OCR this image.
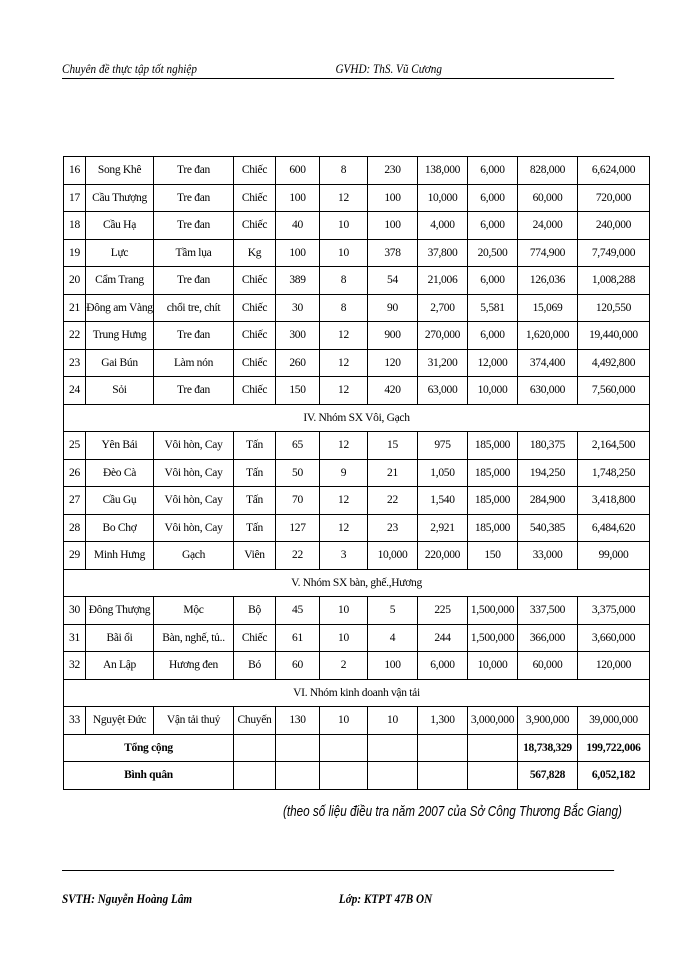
Chuyên đề thực tập tốt nghiệp	GVHD: ThS. Vũ Cương
16	Song Khê	Tre đan	Chiếc	600	8	230	138,000	6,000	828,000	6,624,000
17	Cầu Thượng	Tre đan	Chiếc	100	12	100	10,000	6,000	60,000	720,000
18	Cầu Hạ	Tre đan	Chiếc	40	10	100	4,000	6,000	24,000	240,000
19	Lực	Tầm lụa	Kg	100	10	378	37,800	20,500	774,900	7,749,000
20	Cẩm Trang	Tre đan	Chiếc	389	8	54	21,006	6,000	126,036	1,008,288
21	Đông am Vàng	chổi tre, chít	Chiếc	30	8	90	2,700	5,581	15,069	120,550
22	Trung Hưng	Tre đan	Chiếc	300	12	900	270,000	6,000	1,620,000	19,440,000
23	Gai Bún	Làm nón	Chiếc	260	12	120	31,200	12,000	374,400	4,492,800
24	Sỏi	Tre đan	Chiếc	150	12	420	63,000	10,000	630,000	7,560,000
IV. Nhóm SX Vôi, Gạch										
25	Yên Bái	Vôi hòn, Cay	Tấn	65	12	15	975	185,000	180,375	2,164,500
26	Đèo Cà	Vôi hòn, Cay	Tấn	50	9	21	1,050	185,000	194,250	1,748,250
27	Cầu Gụ	Vôi hòn, Cay	Tấn	70	12	22	1,540	185,000	284,900	3,418,800
28	Bo Chợ	Vôi hòn, Cay	Tấn	127	12	23	2,921	185,000	540,385	6,484,620
29	Minh Hưng	Gạch	Viên	22	3	10,000	220,000	150	33,000	99,000
V. Nhóm SX bàn, ghế.,Hương										
30	Đông Thượng	Mộc	Bộ	45	10	5	225	1,500,000	337,500	3,375,000
31	Bãi ổi	Bàn, nghế, tủ..	Chiếc	61	10	4	244	1,500,000	366,000	3,660,000
32	An Lập	Hương đen	Bó	60	2	100	6,000	10,000	60,000	120,000
VI. Nhóm kinh doanh vận tải										
33	Nguyệt Đức	Vận tải thuỷ	Chuyến	130	10	10	1,300	3,000,000	3,900,000	39,000,000
Tổng cộng									18,738,329	199,722,006
Bình quân									567,828	6,052,182
(theo số liệu điều tra năm 2007 của Sở Công Thương Bắc Giang)
SVTH: Nguyễn Hoàng Lâm	Lớp: KTPT 47B ON
